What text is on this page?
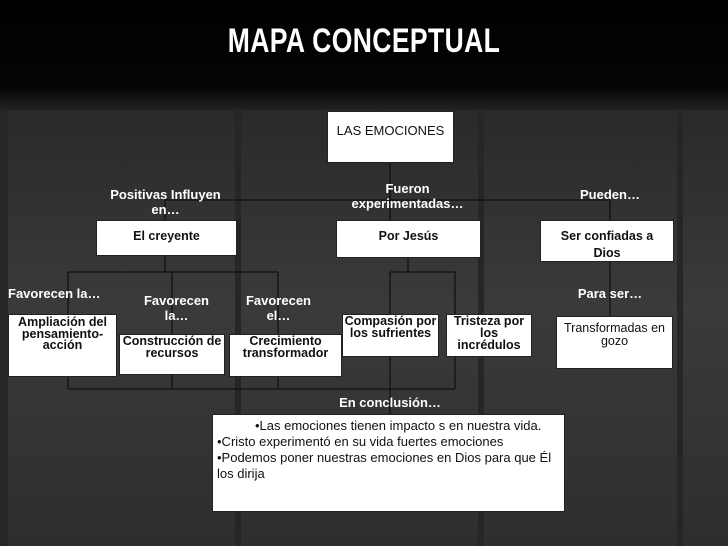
MAPA CONCEPTUAL
LAS EMOCIONES
El creyente	Por Jesús	Ser confiadas a Dios
Ampliación del pensamiento-acción	Construcción de recursos
Crecimiento transformador
Compasión por los sufrientes
Tristeza por los incrédulos
Transformadas en gozo
Positivas Influyen en…
Fueron experimentadas…
Pueden…
Favorecen la…	Favorecen la…
Favorecen el…
Para ser…
En conclusión…
•Las emociones tienen impacto s en nuestra vida.
•Cristo experimentó en su vida fuertes emociones
•Podemos poner nuestras emociones en Dios para que Él los dirija
